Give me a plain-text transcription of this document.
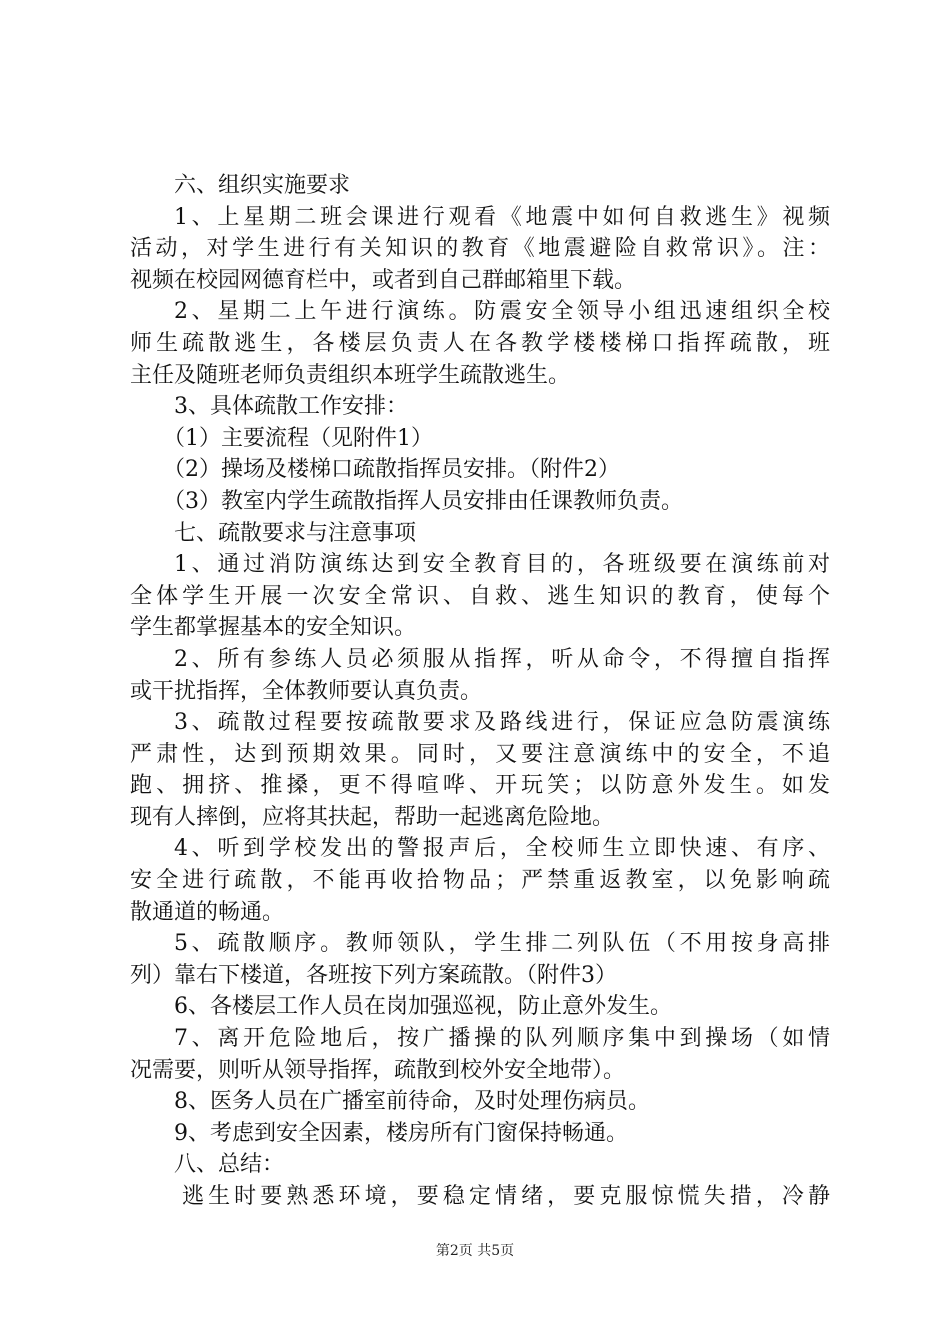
六、组织实施要求
1、上星期二班会课进行观看《地震中如何自救逃生》视频
活动，对学生进行有关知识的教育《地震避险自救常识》。注：
视频在校园网德育栏中，或者到自己群邮箱里下载。
2、星期二上午进行演练。防震安全领导小组迅速组织全校
师生疏散逃生，各楼层负责人在各教学楼楼梯口指挥疏散，班
主任及随班老师负责组织本班学生疏散逃生。
3、具体疏散工作安排：
（1）主要流程（见附件1）
（2）操场及楼梯口疏散指挥员安排。（附件2）
（3）教室内学生疏散指挥人员安排由任课教师负责。
七、疏散要求与注意事项
1、通过消防演练达到安全教育目的，各班级要在演练前对
全体学生开展一次安全常识、自救、逃生知识的教育，使每个
学生都掌握基本的安全知识。
2、所有参练人员必须服从指挥，听从命令，不得擅自指挥
或干扰指挥，全体教师要认真负责。
3、疏散过程要按疏散要求及路线进行，保证应急防震演练
严肃性，达到预期效果。同时，又要注意演练中的安全，不追
跑、拥挤、推搡，更不得喧哗、开玩笑；以防意外发生。如发
现有人摔倒，应将其扶起，帮助一起逃离危险地。
4、听到学校发出的警报声后，全校师生立即快速、有序、
安全进行疏散，不能再收拾物品；严禁重返教室，以免影响疏
散通道的畅通。
5、疏散顺序。教师领队，学生排二列队伍（不用按身高排
列）靠右下楼道，各班按下列方案疏散。（附件3）
6、各楼层工作人员在岗加强巡视，防止意外发生。
7、离开危险地后，按广播操的队列顺序集中到操场（如情
况需要，则听从领导指挥，疏散到校外安全地带）。
8、医务人员在广播室前待命，及时处理伤病员。
9、考虑到安全因素，楼房所有门窗保持畅通。
八、总结：
逃生时要熟悉环境，要稳定情绪，要克服惊慌失措，冷静
第2页 共5页
